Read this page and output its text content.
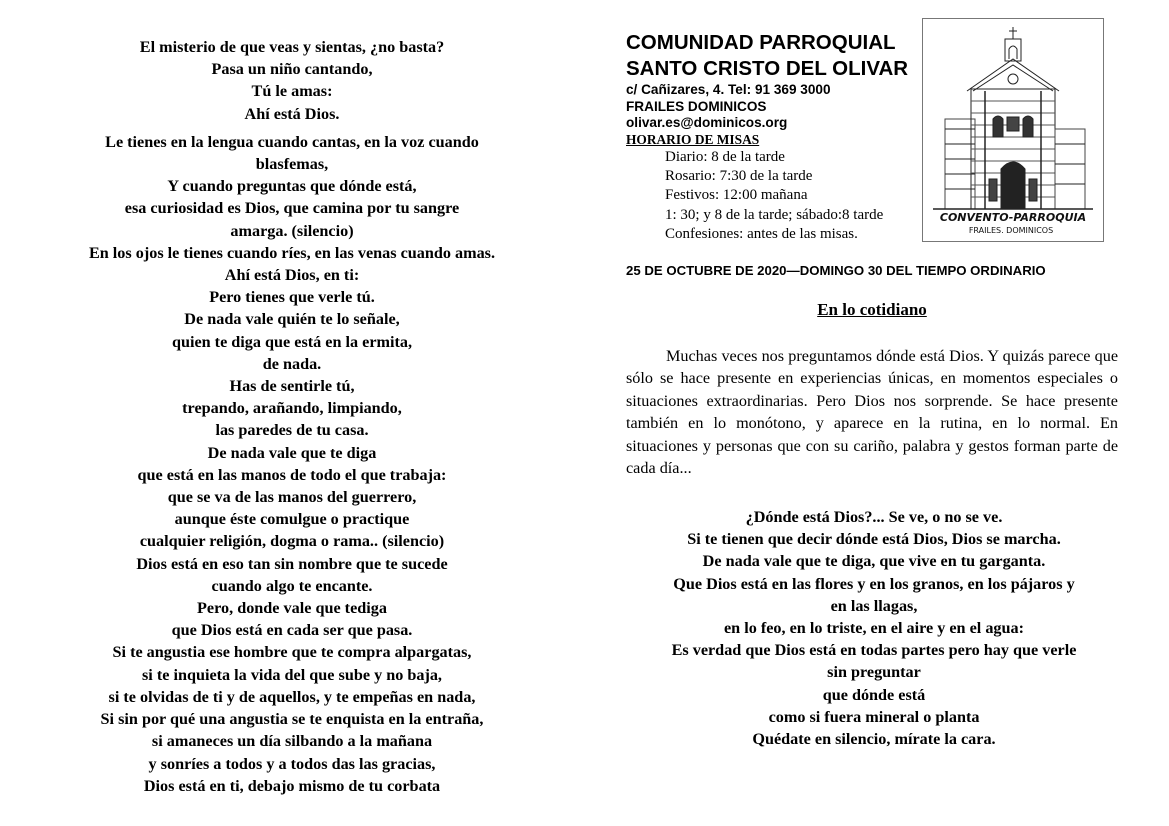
El misterio de que veas y sientas, ¿no basta?
Pasa un niño cantando,
Tú le amas:
Ahí está Dios.
Le tienes en la lengua cuando cantas, en la voz cuando
blasfemas,
Y cuando preguntas que dónde está,
esa curiosidad es Dios, que camina por tu sangre
amarga. (silencio)
En los ojos le tienes cuando ríes, en las venas cuando amas.
Ahí está Dios, en ti:
Pero tienes que verle tú.
De nada vale quién te lo señale,
quien te diga que está en la ermita,
de nada.
Has de sentirle tú,
trepando, arañando, limpiando,
las paredes de tu casa.
De nada vale que te diga
que está en las manos de todo el que trabaja:
que se va de las manos del guerrero,
aunque éste comulgue o practique
cualquier religión, dogma o rama.. (silencio)
Dios está en eso tan sin nombre que te sucede
cuando algo te encante.
Pero, donde vale que tediga
que Dios está en cada ser que pasa.
Si te angustia ese hombre que te compra alpargatas,
si te inquieta la vida del que sube y no baja,
si te olvidas de ti y de aquellos, y te empeñas en nada,
Si sin por qué una angustia se te enquista en la entraña,
si amaneces un día silbando a la mañana
y sonríes a todos y a todos das las gracias,
Dios está en ti, debajo mismo de tu corbata
COMUNIDAD PARROQUIAL
SANTO CRISTO DEL OLIVAR
c/ Cañizares, 4. Tel: 91 369 3000
FRAILES DOMINICOS
olivar.es@dominicos.org
HORARIO DE MISAS
Diario: 8 de la tarde
Rosario: 7:30 de la tarde
Festivos: 12:00 mañana
1: 30; y 8 de la tarde; sábado:8 tarde
Confesiones: antes de las misas.
CONVENTO-PARROQUIA
FRAILES. DOMINICOS
25 DE OCTUBRE DE 2020—DOMINGO 30 DEL TIEMPO ORDINARIO
En lo cotidiano

Muchas veces nos preguntamos dónde está Dios. Y quizás parece que sólo se hace presente en experiencias únicas, en momentos especiales o situaciones extraordinarias. Pero Dios nos sorprende. Se hace presente también en lo monótono, y aparece en la rutina, en lo normal. En situaciones y personas que con su cariño, palabra y gestos forman parte de cada día...

¿Dónde está Dios?... Se ve, o no se ve.
Si te tienen que decir dónde está Dios, Dios se marcha.
De nada vale que te diga, que vive en tu garganta.
Que Dios está en las flores y en los granos, en los pájaros y
en las llagas,
en lo feo, en lo triste, en el aire y en el agua:
Es verdad que Dios está en todas partes pero hay que verle
sin preguntar
que dónde está
como si fuera mineral o planta
Quédate en silencio, mírate la cara.
